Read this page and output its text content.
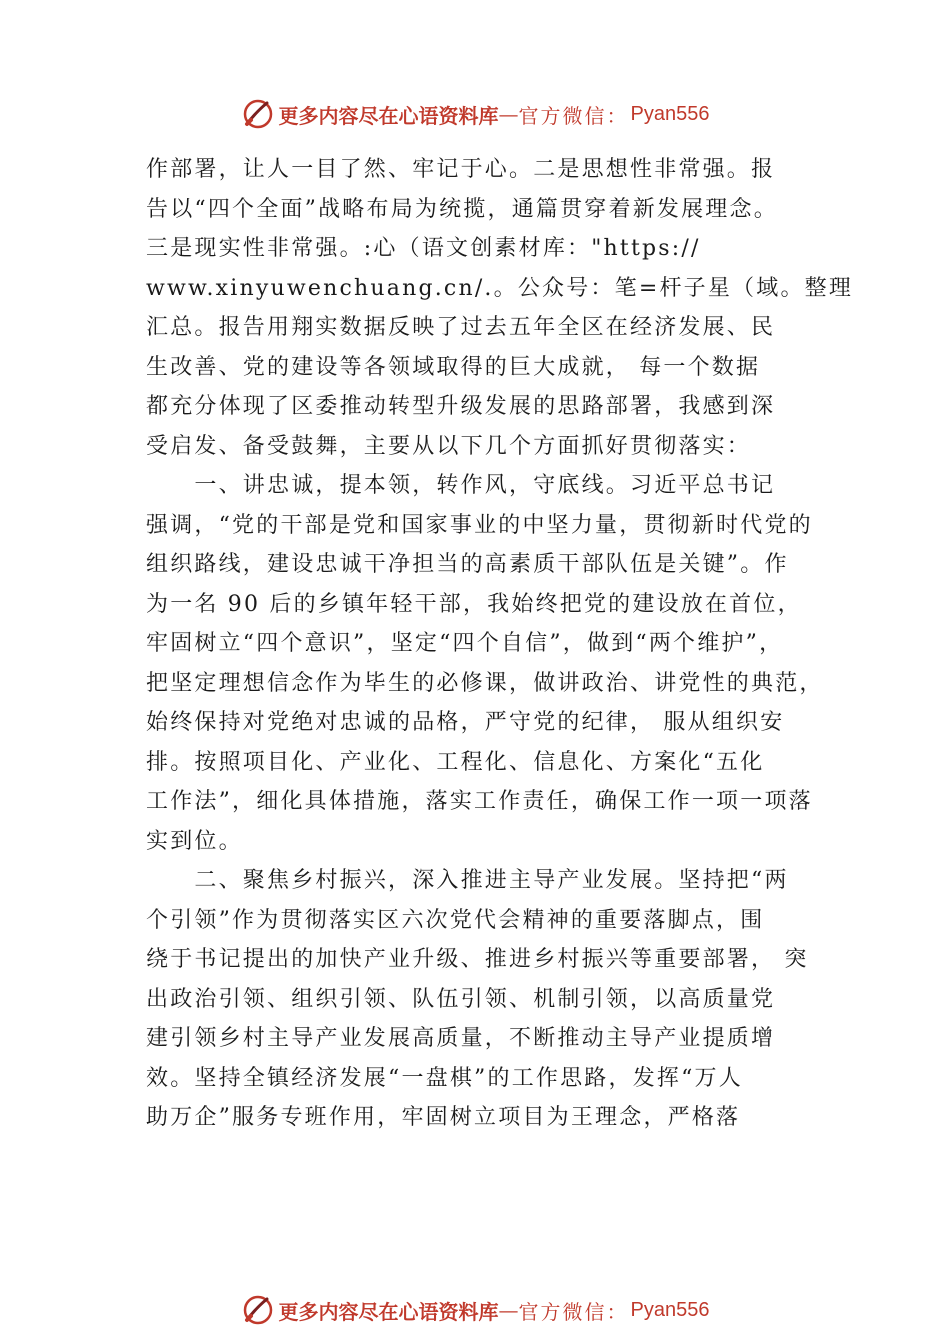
更多内容尽在心语资料库 — 官方微信： Pyan556
作部署，让人一目了然、牢记于心。二是思想性非常强。报
告以“四个全面”战略布局为统揽，通篇贯穿着新发展理念。
三是现实性非常强。:心（语文创素材库："https://
www.xinyuwenchuang.cn/.。公众号：笔=杆子星（域。整理
汇总。报告用翔实数据反映了过去五年全区在经济发展、民
生改善、党的建设等各领域取得的巨大成就， 每一个数据
都充分体现了区委推动转型升级发展的思路部署，我感到深
受启发、备受鼓舞，主要从以下几个方面抓好贯彻落实：
　　一、讲忠诚，提本领，转作风，守底线。习近平总书记
强调，“党的干部是党和国家事业的中坚力量，贯彻新时代党的
组织路线，建设忠诚干净担当的高素质干部队伍是关键”。作
为一名 90 后的乡镇年轻干部，我始终把党的建设放在首位，
牢固树立“四个意识”，坚定“四个自信”，做到“两个维护”，
把坚定理想信念作为毕生的必修课，做讲政治、讲党性的典范，
始终保持对党绝对忠诚的品格，严守党的纪律， 服从组织安
排。按照项目化、产业化、工程化、信息化、方案化“五化
工作法”，细化具体措施，落实工作责任，确保工作一项一项落
实到位。
　　二、聚焦乡村振兴，深入推进主导产业发展。坚持把“两
个引领”作为贯彻落实区六次党代会精神的重要落脚点，围
绕于书记提出的加快产业升级、推进乡村振兴等重要部署， 突
出政治引领、组织引领、队伍引领、机制引领，以高质量党
建引领乡村主导产业发展高质量，不断推动主导产业提质增
效。坚持全镇经济发展“一盘棋”的工作思路，发挥“万人
助万企”服务专班作用，牢固树立项目为王理念，严格落
更多内容尽在心语资料库 — 官方微信： Pyan556
